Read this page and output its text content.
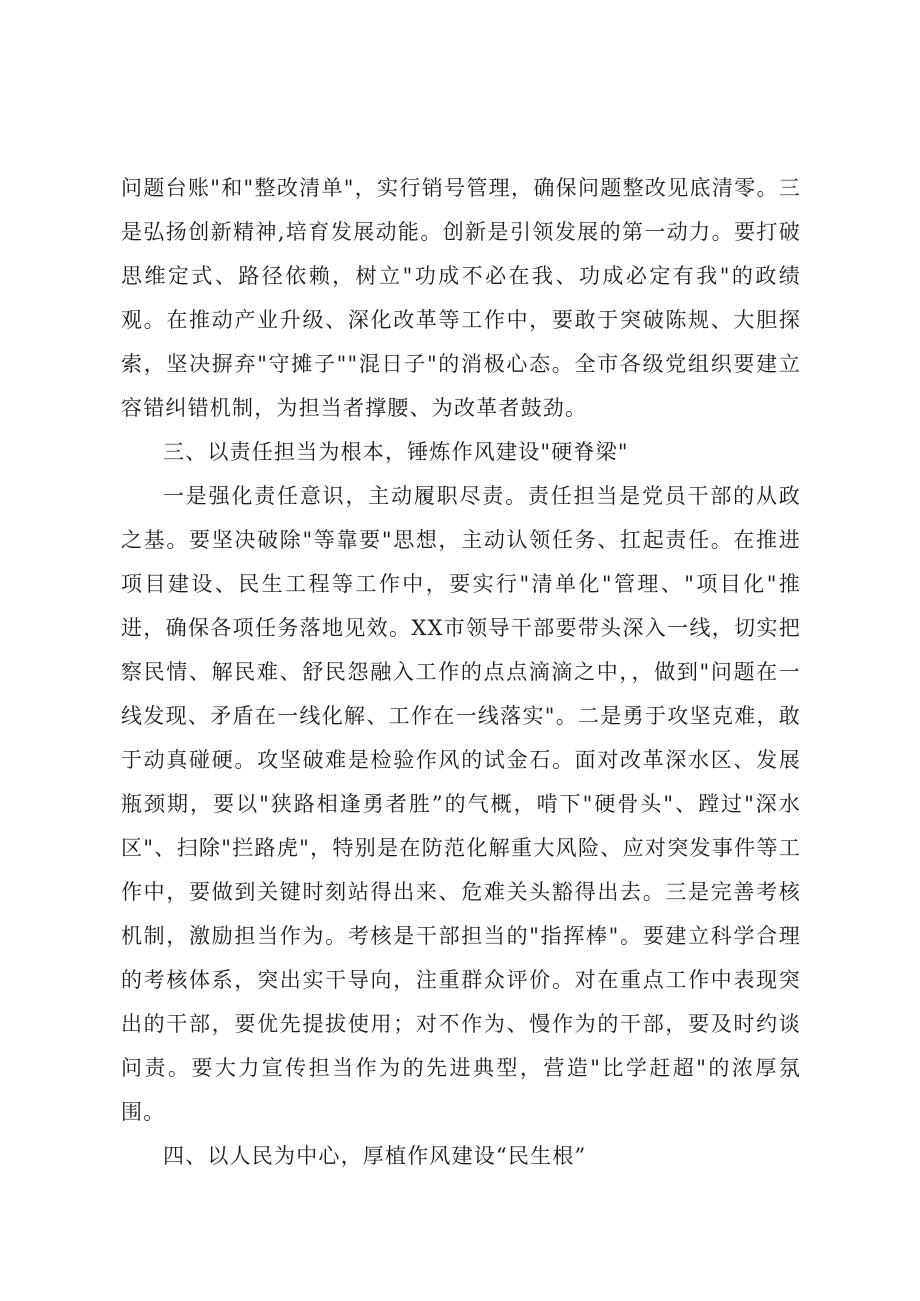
问题台账"和"整改清单"，实行销号管理，确保问题整改见底清零。三是弘扬创新精神,培育发展动能。创新是引领发展的第一动力。要打破思维定式、路径依赖，树立"功成不必在我、功成必定有我"的政绩观。在推动产业升级、深化改革等工作中，要敢于突破陈规、大胆探索，坚决摒弃"守摊子""混日子"的消极心态。全市各级党组织要建立容错纠错机制，为担当者撑腰、为改革者鼓劲。

三、以责任担当为根本，锤炼作风建设"硬脊梁"

一是强化责任意识，主动履职尽责。责任担当是党员干部的从政之基。要坚决破除"等靠要"思想，主动认领任务、扛起责任。在推进项目建设、民生工程等工作中，要实行"清单化"管理、"项目化"推进，确保各项任务落地见效。XX市领导干部要带头深入一线，切实把察民情、解民难、舒民怨融入工作的点点滴滴之中，，做到"问题在一线发现、矛盾在一线化解、工作在一线落实"。二是勇于攻坚克难，敢于动真碰硬。攻坚破难是检验作风的试金石。面对改革深水区、发展瓶颈期，要以"狭路相逢勇者胜”的气概，啃下"硬骨头"、蹚过"深水区"、扫除"拦路虎"，特别是在防范化解重大风险、应对突发事件等工作中，要做到关键时刻站得出来、危难关头豁得出去。三是完善考核机制，激励担当作为。考核是干部担当的"指挥棒"。要建立科学合理的考核体系，突出实干导向，注重群众评价。对在重点工作中表现突出的干部，要优先提拔使用；对不作为、慢作为的干部，要及时约谈问责。要大力宣传担当作为的先进典型，营造"比学赶超"的浓厚氛围。

四、以人民为中心，厚植作风建设“民生根”
